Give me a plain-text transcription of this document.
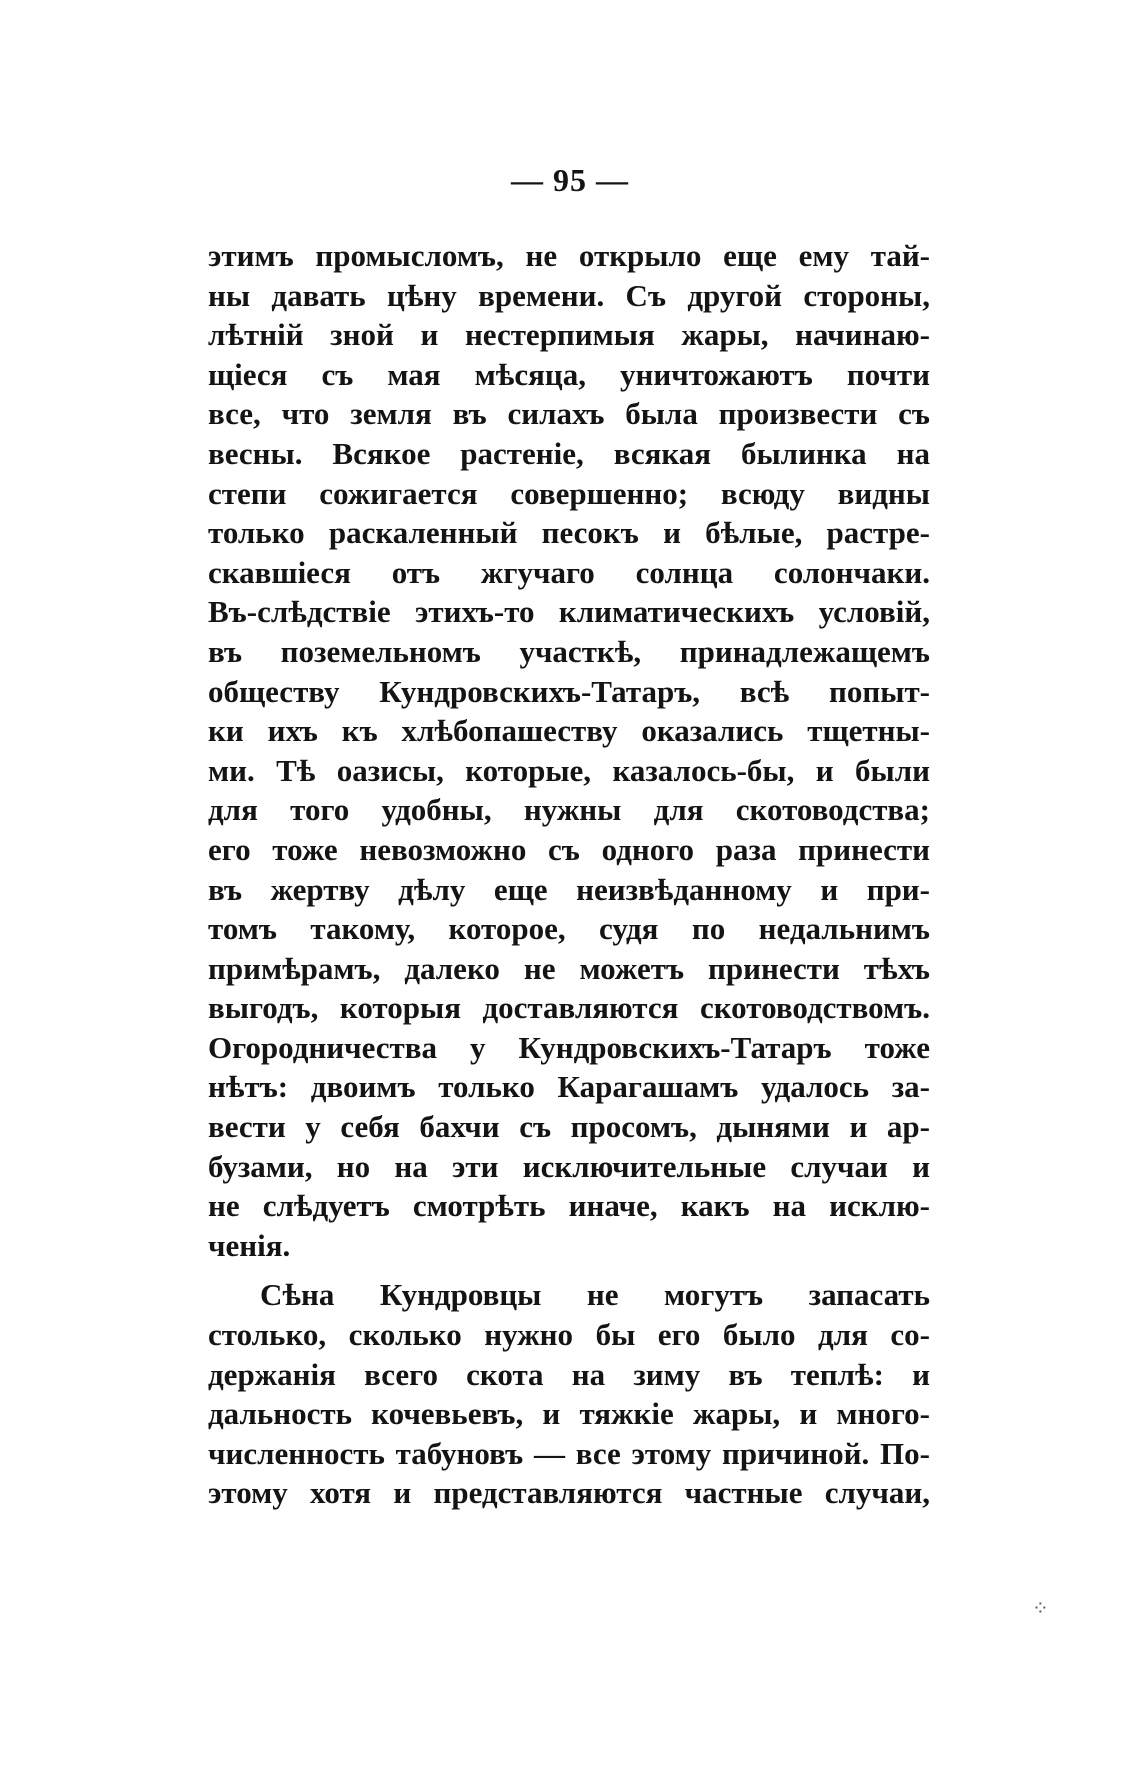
— 95 —
этимъ промысломъ, не открыло еще ему тай-
ны давать цѣну времени. Съ другой стороны,
лѣтній зной и нестерпимыя жары, начинаю-
щіеся съ мая мѣсяца, уничтожаютъ почти
все, что земля въ силахъ была произвести съ
весны. Всякое растеніе, всякая былинка на
степи сожигается совершенно; всюду видны
только раскаленный песокъ и бѣлые, растре-
скавшіеся отъ жгучаго солнца солончаки.
Въ-слѣдствіе этихъ-то климатическихъ условій,
въ поземельномъ участкѣ, принадлежащемъ
обществу Кундровскихъ-Татаръ, всѣ попыт-
ки ихъ къ хлѣбопашеству оказались тщетны-
ми. Тѣ оазисы, которые, казалось-бы, и были
для того удобны, нужны для скотоводства;
его тоже невозможно съ одного раза принести
въ жертву дѣлу еще неизвѣданному и при-
томъ такому, которое, судя по недальнимъ
примѣрамъ, далеко не можетъ принести тѣхъ
выгодъ, которыя доставляются скотоводствомъ.
Огородничества у Кундровскихъ-Татаръ тоже
нѣтъ: двоимъ только Карагашамъ удалось за-
вести у себя бахчи съ просомъ, дынями и ар-
бузами, но на эти исключительные случаи и
не слѣдуетъ смотрѣть иначе, какъ на исклю-
ченія.
Сѣна Кундровцы не могутъ запасать
столько, сколько нужно бы его было для со-
держанія всего скота на зиму въ теплѣ: и
дальность кочевьевъ, и тяжкіе жары, и много-
численность табуновъ — все этому причиной. По-
этому хотя и представляются частные случаи,
⁘
